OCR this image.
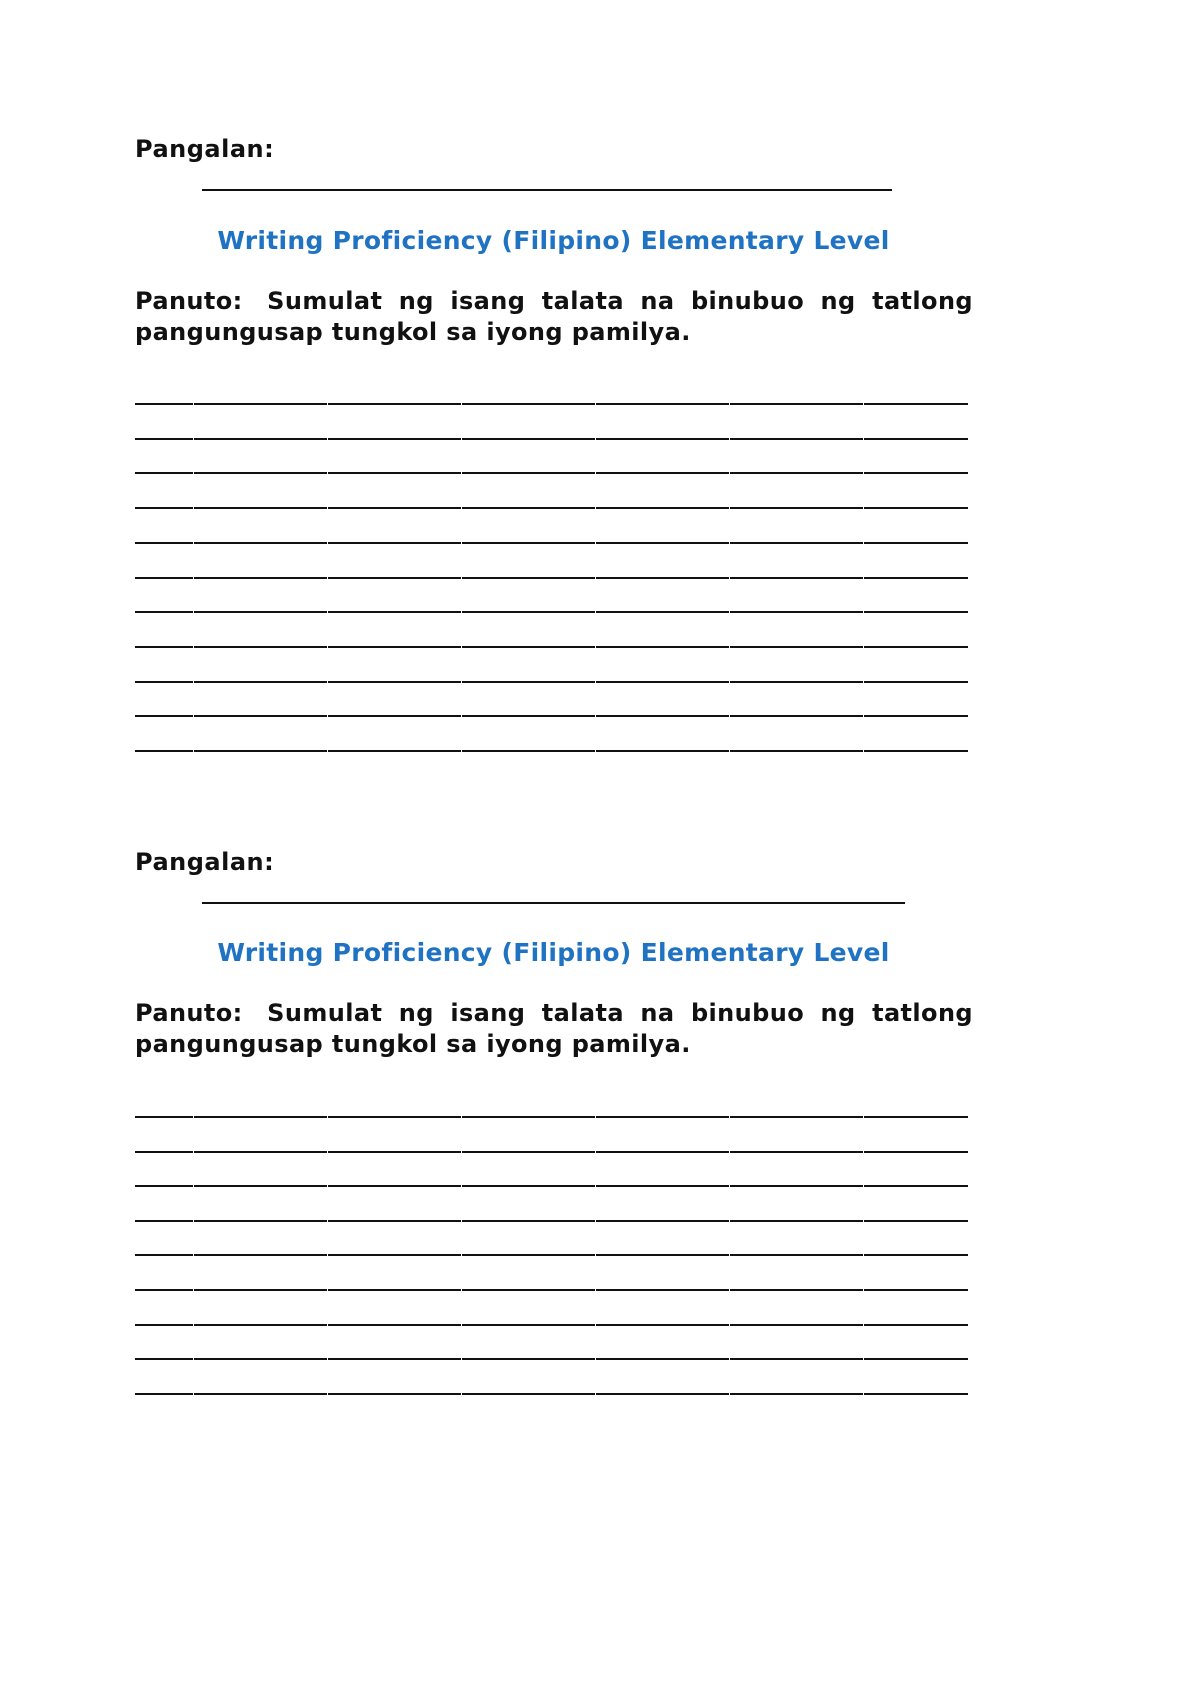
Pangalan:
Writing Proficiency (Filipino) Elementary Level
Panuto: Sumulat ng isang talata na binubuo ng tatlong pangungusap tungkol sa iyong pamilya.
Pangalan:
Writing Proficiency (Filipino) Elementary Level
Panuto: Sumulat ng isang talata na binubuo ng tatlong pangungusap tungkol sa iyong pamilya.
